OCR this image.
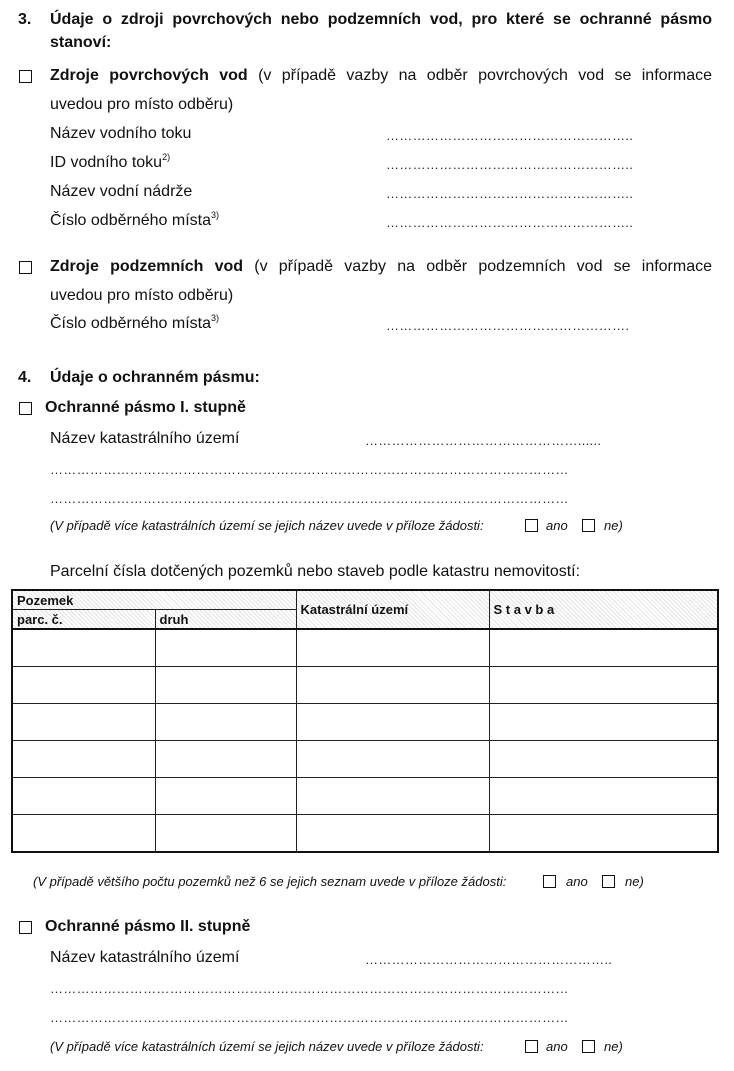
3. Údaje o zdroji povrchových nebo podzemních vod, pro které se ochranné pásmo
stanoví:
Zdroje povrchových vod (v případě vazby na odběr povrchových vod se informace
uvedou pro místo odběru)
Název vodního toku	………………………………………………..
ID vodního toku$^{2)}$	………………………………………………..
Název vodní nádrže	………………………………………………..
Číslo odběrného místa$^{3)}$	………………………………………………..
Zdroje podzemních vod (v případě vazby na odběr podzemních vod se informace
uvedou pro místo odběru)
Číslo odběrného místa$^{3)}$	……………………………………………….
4. Údaje o ochranném pásmu:
Ochranné pásmo I. stupně
Název katastrálního území	…………………………………………......
………………………………………………………………………………………………………
………………………………………………………………………………………………………
(V případě více katastrálních území se jejich název uvede v příloze žádosti:	ano	ne)
Parcelní čísla dotčených pozemků nebo staveb podle katastru nemovitostí:
Pozemek		Katastrální území	S t a v b a
parc. č.	druh		

(V případě většího počtu pozemků než 6 se jejich seznam uvede v příloze žádosti:	ano	ne)
Ochranné pásmo II. stupně
Název katastrálního území	………………………………………………..
………………………………………………………………………………………………………
………………………………………………………………………………………………………
(V případě více katastrálních území se jejich název uvede v příloze žádosti:	ano	ne)
